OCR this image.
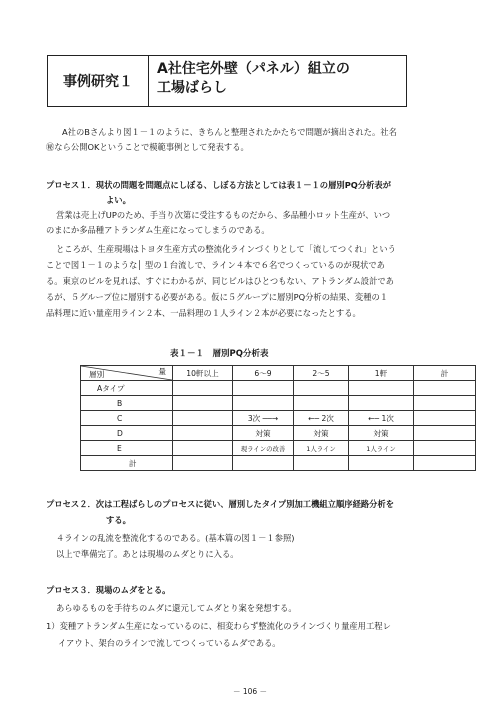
事例研究１
A社住宅外壁（パネル）組立の
工場ばらし
A社のBさんより図１－１のように、きちんと整理されたかたちで問題が摘出された。社名
㊙なら公開OKということで模範事例として発表する。
プロセス１．現状の問題を問題点にしぼる、しぼる方法としては表１－１の層別PQ分析表が
よい。
営業は売上げUPのため、手当り次第に受注するものだから、多品種小ロット生産が、いつ
のまにか多品種アトランダム生産になってしまうのである。
ところが、生産現場はトヨタ生産方式の整流化ラインづくりとして「流してつくれ」という
ことで図１－１のような│ 型の１台流しで、ライン４本で６名でつくっているのが現状であ
る。東京のビルを見れば、すぐにわかるが、同じビルはひとつもない、アトランダム設計であ
るが、５グループ位に層別する必要がある。仮に５グループに層別PQ分析の結果、変種の１
品料理に近い量産用ライン２本、一品料理の１人ライン２本が必要になったとする。
表１－１　層別PQ分析表
量
層別	10軒以上	6～9	2～5	1軒	計
Aタイプ					
B					
C		3次 ──→	←─ 2次	←─ 1次	
D		対策	対策	対策	
E		現ラインの改善	1人ライン	1人ライン	
計					
プロセス２．次は工程ばらしのプロセスに従い、層別したタイプ別加工機組立順序経路分析を
する。
４ラインの乱流を整流化するのである。(基本篇の図１－１参照)
以上で準備完了。あとは現場のムダとりに入る。
プロセス３．現場のムダをとる。
あらゆるものを手待ちのムダに還元してムダとり案を発想する。
1）変種アトランダム生産になっているのに、相変わらず整流化のラインづくり量産用工程レ
イアウト、架台のラインで流してつくっているムダである。
－ 106 －
